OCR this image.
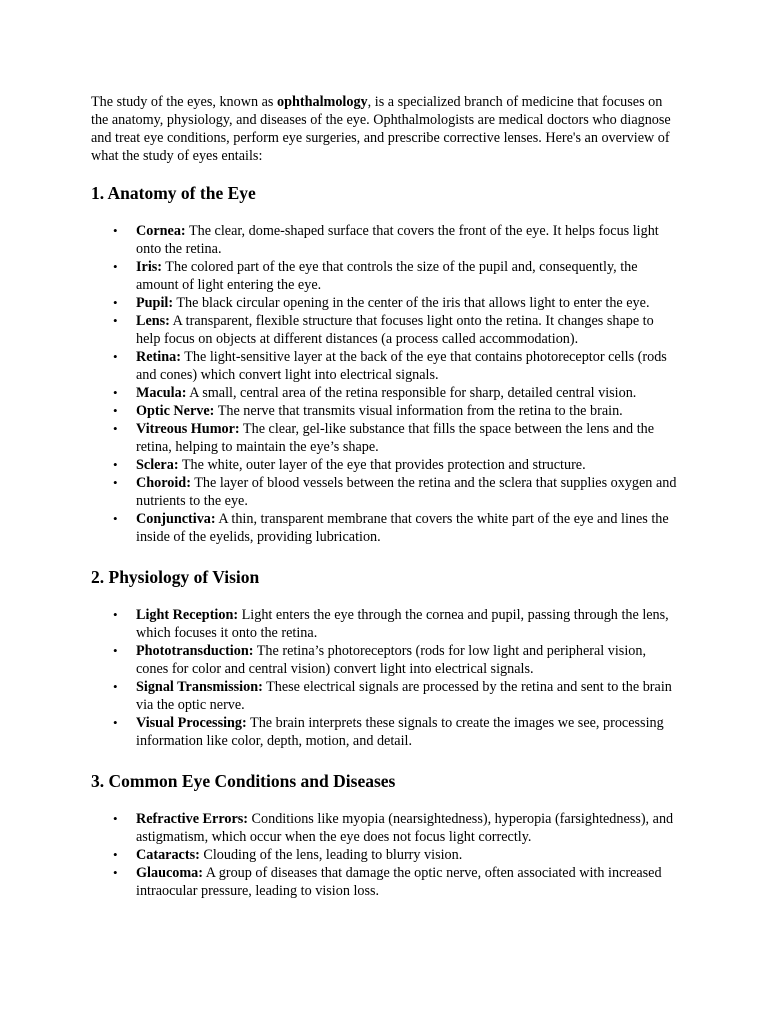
The study of the eyes, known as ophthalmology, is a specialized branch of medicine that focuses on the anatomy, physiology, and diseases of the eye. Ophthalmologists are medical doctors who diagnose and treat eye conditions, perform eye surgeries, and prescribe corrective lenses. Here's an overview of what the study of eyes entails:

1. Anatomy of the Eye
• Cornea: The clear, dome-shaped surface that covers the front of the eye. It helps focus light onto the retina.
• Iris: The colored part of the eye that controls the size of the pupil and, consequently, the amount of light entering the eye.
• Pupil: The black circular opening in the center of the iris that allows light to enter the eye.
• Lens: A transparent, flexible structure that focuses light onto the retina. It changes shape to help focus on objects at different distances (a process called accommodation).
• Retina: The light-sensitive layer at the back of the eye that contains photoreceptor cells (rods and cones) which convert light into electrical signals.
• Macula: A small, central area of the retina responsible for sharp, detailed central vision.
• Optic Nerve: The nerve that transmits visual information from the retina to the brain.
• Vitreous Humor: The clear, gel-like substance that fills the space between the lens and the retina, helping to maintain the eye’s shape.
• Sclera: The white, outer layer of the eye that provides protection and structure.
• Choroid: The layer of blood vessels between the retina and the sclera that supplies oxygen and nutrients to the eye.
• Conjunctiva: A thin, transparent membrane that covers the white part of the eye and lines the inside of the eyelids, providing lubrication.
2. Physiology of Vision
• Light Reception: Light enters the eye through the cornea and pupil, passing through the lens, which focuses it onto the retina.
• Phototransduction: The retina’s photoreceptors (rods for low light and peripheral vision, cones for color and central vision) convert light into electrical signals.
• Signal Transmission: These electrical signals are processed by the retina and sent to the brain via the optic nerve.
• Visual Processing: The brain interprets these signals to create the images we see, processing information like color, depth, motion, and detail.
3. Common Eye Conditions and Diseases
• Refractive Errors: Conditions like myopia (nearsightedness), hyperopia (farsightedness), and astigmatism, which occur when the eye does not focus light correctly.
• Cataracts: Clouding of the lens, leading to blurry vision.
• Glaucoma: A group of diseases that damage the optic nerve, often associated with increased intraocular pressure, leading to vision loss.
